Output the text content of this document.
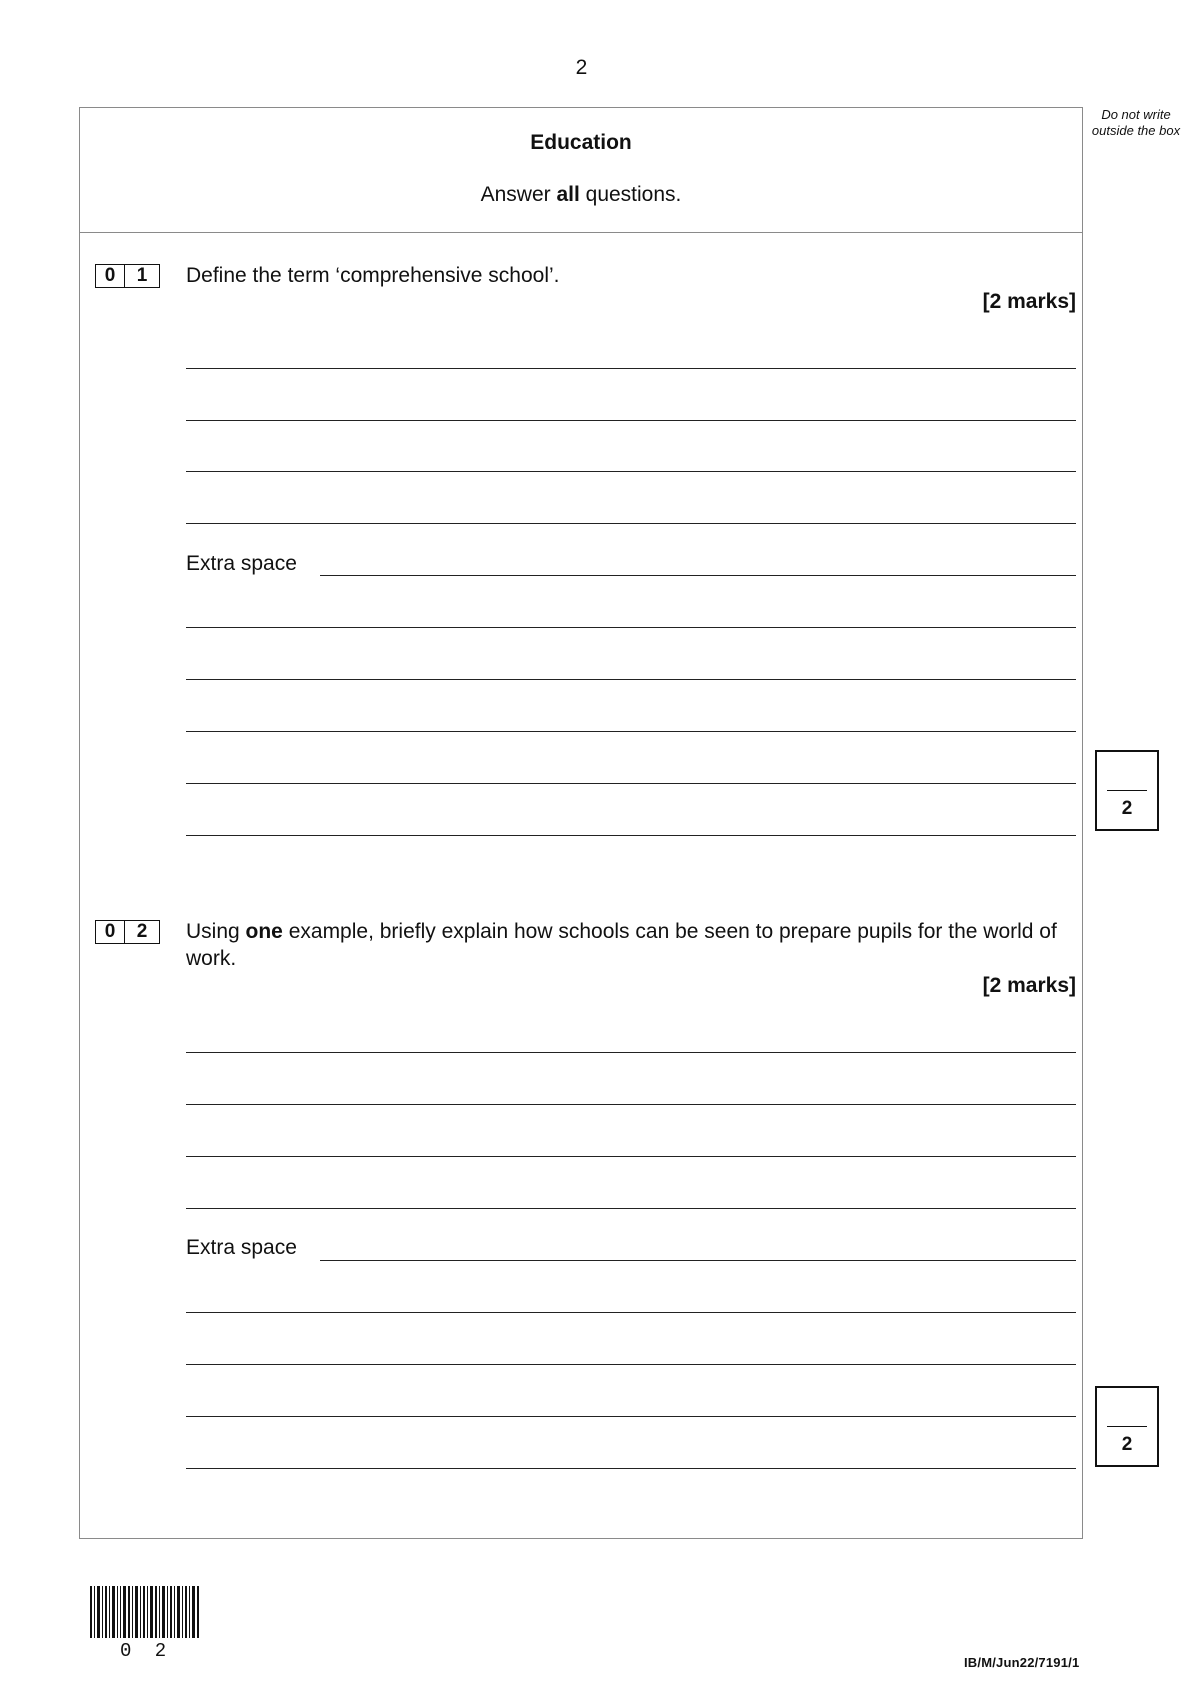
2
Do not write outside the box
Education
Answer all questions.
0	1	Define the term ‘comprehensive school’.
[2 marks]
Extra space
2
0	2	Using one example, briefly explain how schools can be seen to prepare pupils for the world of work.
[2 marks]
Extra space
2
0 2
IB/M/Jun22/7191/1
